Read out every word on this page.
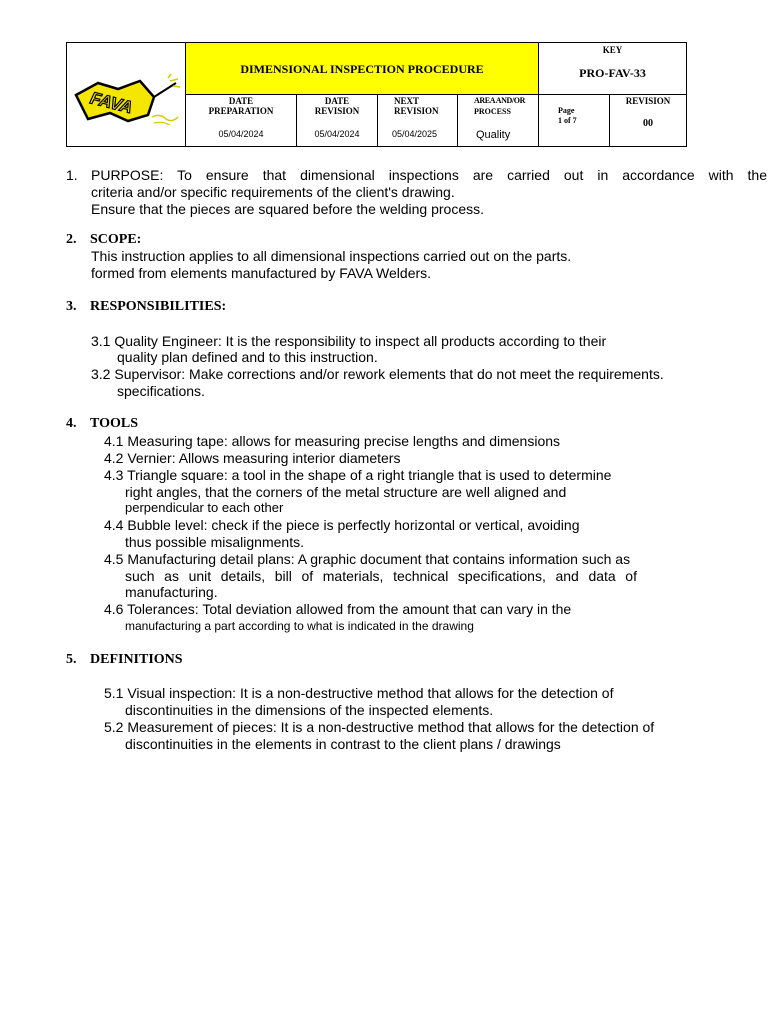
FAVA
DIMENSIONAL INSPECTION PROCEDURE
KEY
PRO-FAV-33
DATE
PREPARATION
05/04/2024
DATE
REVISION
05/04/2024
NEXT
REVISION
05/04/2025
AREA AND/OR
PROCESS
Quality
Page
1 of 7
REVISION
00
1. PURPOSE: To ensure that dimensional inspections are carried out in accordance with the
criteria and/or specific requirements of the client's drawing.
Ensure that the pieces are squared before the welding process.
2. SCOPE:
This instruction applies to all dimensional inspections carried out on the parts.
formed from elements manufactured by FAVA Welders.
3. RESPONSIBILITIES:
3.1 Quality Engineer: It is the responsibility to inspect all products according to their
quality plan defined and to this instruction.
3.2 Supervisor: Make corrections and/or rework elements that do not meet the requirements.
specifications.
4. TOOLS
4.1 Measuring tape: allows for measuring precise lengths and dimensions
4.2 Vernier: Allows measuring interior diameters
4.3 Triangle square: a tool in the shape of a right triangle that is used to determine
right angles, that the corners of the metal structure are well aligned and
perpendicular to each other
4.4 Bubble level: check if the piece is perfectly horizontal or vertical, avoiding
thus possible misalignments.
4.5 Manufacturing detail plans: A graphic document that contains information such as
such as unit details, bill of materials, technical specifications, and data of
manufacturing.
4.6 Tolerances: Total deviation allowed from the amount that can vary in the
manufacturing a part according to what is indicated in the drawing
5. DEFINITIONS
5.1 Visual inspection: It is a non-destructive method that allows for the detection of
discontinuities in the dimensions of the inspected elements.
5.2 Measurement of pieces: It is a non-destructive method that allows for the detection of
discontinuities in the elements in contrast to the client plans / drawings
